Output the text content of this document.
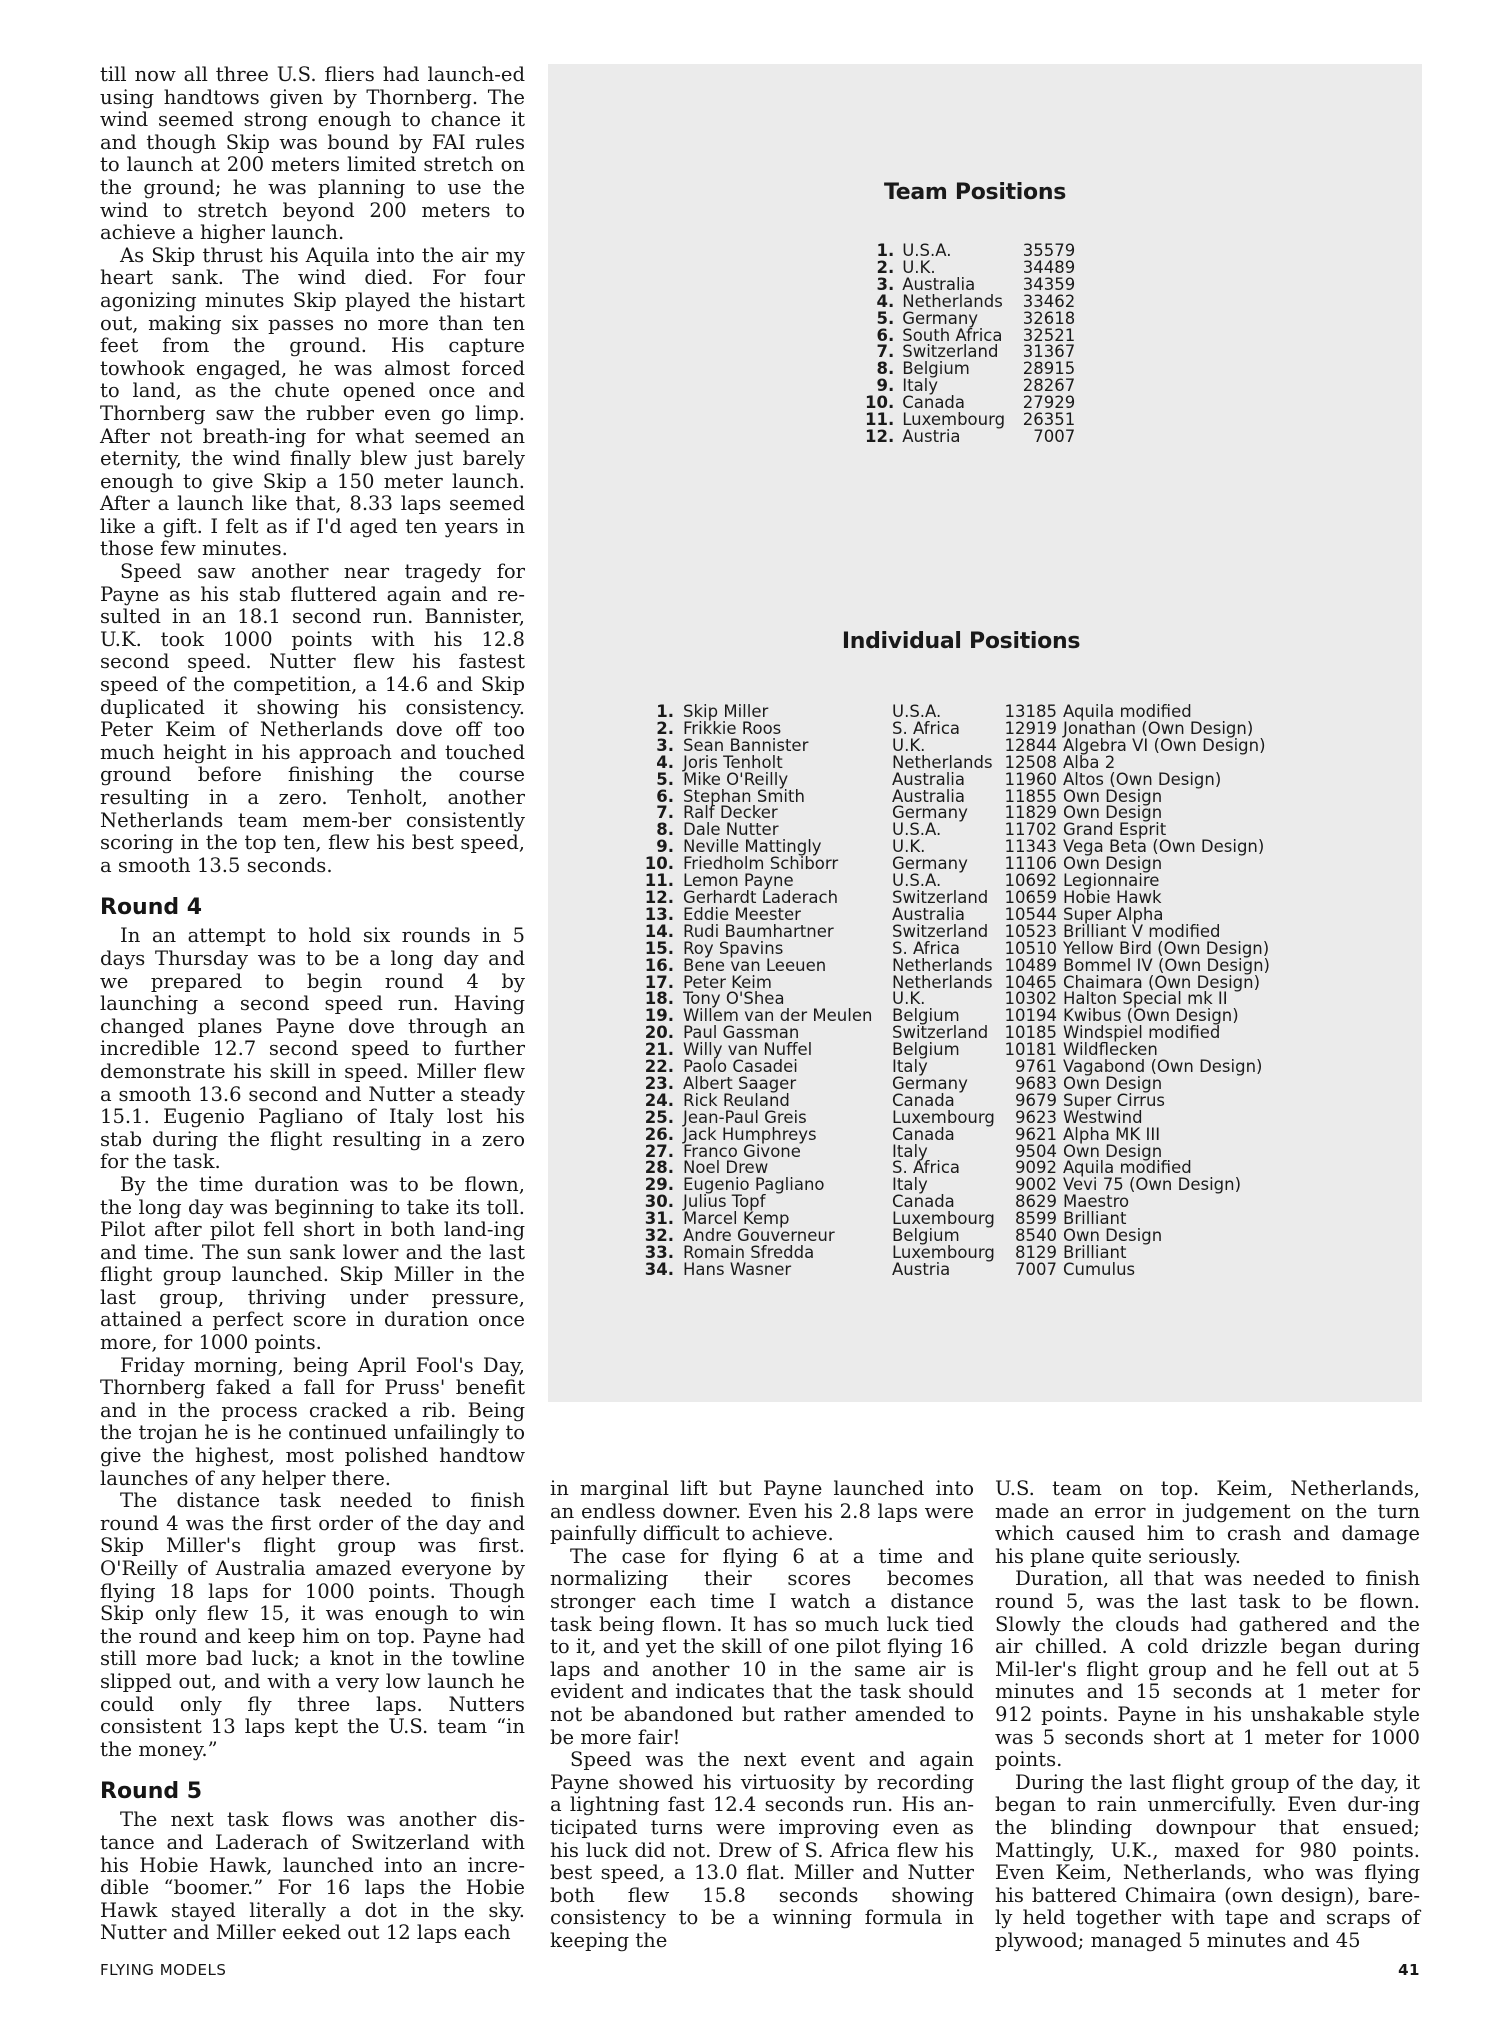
till now all three U.S. fliers had launch-ed using handtows given by Thornberg. The wind seemed strong enough to chance it and though Skip was bound by FAI rules to launch at 200 meters limited stretch on the ground; he was planning to use the wind to stretch beyond 200 meters to achieve a higher launch.

As Skip thrust his Aquila into the air my heart sank. The wind died. For four agonizing minutes Skip played the histart out, making six passes no more than ten feet from the ground. His capture towhook engaged, he was almost forced to land, as the chute opened once and Thornberg saw the rubber even go limp. After not breath-ing for what seemed an eternity, the wind finally blew just barely enough to give Skip a 150 meter launch. After a launch like that, 8.33 laps seemed like a gift. I felt as if I'd aged ten years in those few minutes.

Speed saw another near tragedy for Payne as his stab fluttered again and re-sulted in an 18.1 second run. Bannister, U.K. took 1000 points with his 12.8 second speed. Nutter flew his fastest speed of the competition, a 14.6 and Skip duplicated it showing his consistency. Peter Keim of Netherlands dove off too much height in his approach and touched ground before finishing the course resulting in a zero. Tenholt, another Netherlands team mem-ber consistently scoring in the top ten, flew his best speed, a smooth 13.5 seconds.

Round 4

In an attempt to hold six rounds in 5 days Thursday was to be a long day and we prepared to begin round 4 by launching a second speed run. Having changed planes Payne dove through an incredible 12.7 second speed to further demonstrate his skill in speed. Miller flew a smooth 13.6 second and Nutter a steady 15.1. Eugenio Pagliano of Italy lost his stab during the flight resulting in a zero for the task.

By the time duration was to be flown, the long day was beginning to take its toll. Pilot after pilot fell short in both land-ing and time. The sun sank lower and the last flight group launched. Skip Miller in the last group, thriving under pressure, attained a perfect score in duration once more, for 1000 points.

Friday morning, being April Fool's Day, Thornberg faked a fall for Pruss' benefit and in the process cracked a rib. Being the trojan he is he continued unfailingly to give the highest, most polished handtow launches of any helper there.

The distance task needed to finish round 4 was the first order of the day and Skip Miller's flight group was first. O'Reilly of Australia amazed everyone by flying 18 laps for 1000 points. Though Skip only flew 15, it was enough to win the round and keep him on top. Payne had still more bad luck; a knot in the towline slipped out, and with a very low launch he could only fly three laps. Nutters consistent 13 laps kept the U.S. team “in the money.”

Round 5

The next task flows was another dis-tance and Laderach of Switzerland with his Hobie Hawk, launched into an incre-dible “boomer.” For 16 laps the Hobie Hawk stayed literally a dot in the sky. Nutter and Miller eeked out 12 laps each

Team Positions
1.	U.S.A.	35579
2.	U.K.	34489
3.	Australia	34359
4.	Netherlands	33462
5.	Germany	32618
6.	South Africa	32521
7.	Switzerland	31367
8.	Belgium	28915
9.	Italy	28267
10.	Canada	27929
11.	Luxembourg	26351
12.	Austria	7007
Individual Positions
1.	Skip Miller	U.S.A.	13185	Aquila modified
2.	Frikkie Roos	S. Africa	12919	Jonathan (Own Design)
3.	Sean Bannister	U.K.	12844	Algebra VI (Own Design)
4.	Joris Tenholt	Netherlands	12508	Alba 2
5.	Mike O'Reilly	Australia	11960	Altos (Own Design)
6.	Stephan Smith	Australia	11855	Own Design
7.	Ralf Decker	Germany	11829	Own Design
8.	Dale Nutter	U.S.A.	11702	Grand Esprit
9.	Neville Mattingly	U.K.	11343	Vega Beta (Own Design)
10.	Friedholm Schiborr	Germany	11106	Own Design
11.	Lemon Payne	U.S.A.	10692	Legionnaire
12.	Gerhardt Laderach	Switzerland	10659	Hobie Hawk
13.	Eddie Meester	Australia	10544	Super Alpha
14.	Rudi Baumhartner	Switzerland	10523	Brilliant V modified
15.	Roy Spavins	S. Africa	10510	Yellow Bird (Own Design)
16.	Bene van Leeuen	Netherlands	10489	Bommel IV (Own Design)
17.	Peter Keim	Netherlands	10465	Chaimara (Own Design)
18.	Tony O'Shea	U.K.	10302	Halton Special mk II
19.	Willem van der Meulen	Belgium	10194	Kwibus (Own Design)
20.	Paul Gassman	Switzerland	10185	Windspiel modified
21.	Willy van Nuffel	Belgium	10181	Wildflecken
22.	Paolo Casadei	Italy	9761	Vagabond (Own Design)
23.	Albert Saager	Germany	9683	Own Design
24.	Rick Reuland	Canada	9679	Super Cirrus
25.	Jean-Paul Greis	Luxembourg	9623	Westwind
26.	Jack Humphreys	Canada	9621	Alpha MK III
27.	Franco Givone	Italy	9504	Own Design
28.	Noel Drew	S. Africa	9092	Aquila modified
29.	Eugenio Pagliano	Italy	9002	Vevi 75 (Own Design)
30.	Julius Topf	Canada	8629	Maestro
31.	Marcel Kemp	Luxembourg	8599	Brilliant
32.	Andre Gouverneur	Belgium	8540	Own Design
33.	Romain Sfredda	Luxembourg	8129	Brilliant
34.	Hans Wasner	Austria	7007	Cumulus

in marginal lift but Payne launched into an endless downer. Even his 2.8 laps were painfully difficult to achieve.

The case for flying 6 at a time and normalizing their scores becomes stronger each time I watch a distance task being flown. It has so much luck tied to it, and yet the skill of one pilot flying 16 laps and another 10 in the same air is evident and indicates that the task should not be abandoned but rather amended to be more fair!

Speed was the next event and again Payne showed his virtuosity by recording a lightning fast 12.4 seconds run. His an-ticipated turns were improving even as his luck did not. Drew of S. Africa flew his best speed, a 13.0 flat. Miller and Nutter both flew 15.8 seconds showing consistency to be a winning formula in keeping the

U.S. team on top. Keim, Netherlands, made an error in judgement on the turn which caused him to crash and damage his plane quite seriously.

Duration, all that was needed to finish round 5, was the last task to be flown. Slowly the clouds had gathered and the air chilled. A cold drizzle began during Mil-ler's flight group and he fell out at 5 minutes and 15 seconds at 1 meter for 912 points. Payne in his unshakable style was 5 seconds short at 1 meter for 1000 points.

During the last flight group of the day, it began to rain unmercifully. Even dur-ing the blinding downpour that ensued; Mattingly, U.K., maxed for 980 points. Even Keim, Netherlands, who was flying his battered Chimaira (own design), bare-ly held together with tape and scraps of plywood; managed 5 minutes and 45

FLYING MODELS	41
